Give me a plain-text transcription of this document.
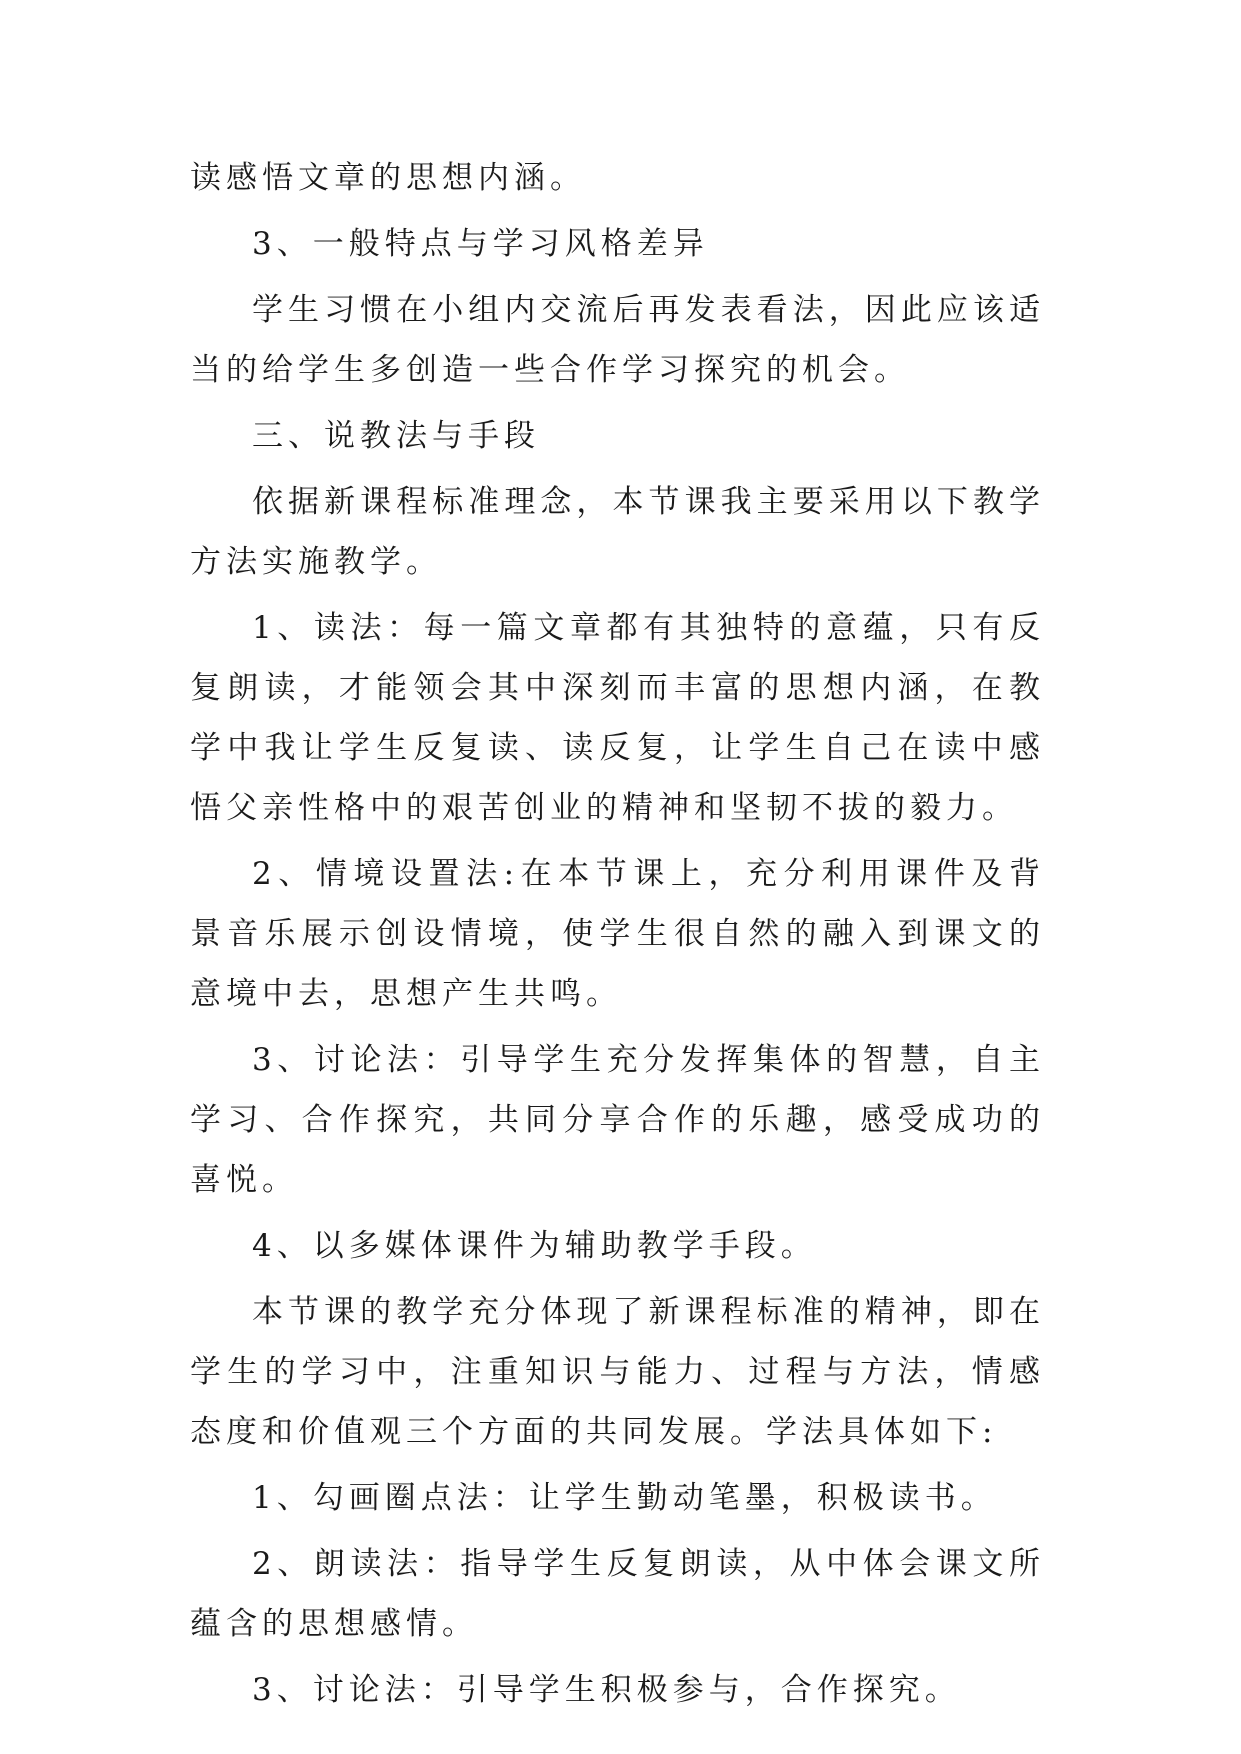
读感悟文章的思想内涵。

3、一般特点与学习风格差异

学生习惯在小组内交流后再发表看法，因此应该适当的给学生多创造一些合作学习探究的机会。

三、说教法与手段

依据新课程标准理念，本节课我主要采用以下教学方法实施教学。

1、读法：每一篇文章都有其独特的意蕴，只有反复朗读，才能领会其中深刻而丰富的思想内涵，在教学中我让学生反复读、读反复，让学生自己在读中感悟父亲性格中的艰苦创业的精神和坚韧不拔的毅力。

2、情境设置法:在本节课上，充分利用课件及背景音乐展示创设情境，使学生很自然的融入到课文的意境中去，思想产生共鸣。

3、讨论法：引导学生充分发挥集体的智慧，自主学习、合作探究，共同分享合作的乐趣，感受成功的喜悦。

4、以多媒体课件为辅助教学手段。

本节课的教学充分体现了新课程标准的精神，即在学生的学习中，注重知识与能力、过程与方法，情感态度和价值观三个方面的共同发展。学法具体如下:

1、勾画圈点法：让学生勤动笔墨，积极读书。

2、朗读法：指导学生反复朗读，从中体会课文所蕴含的思想感情。

3、讨论法：引导学生积极参与，合作探究。
